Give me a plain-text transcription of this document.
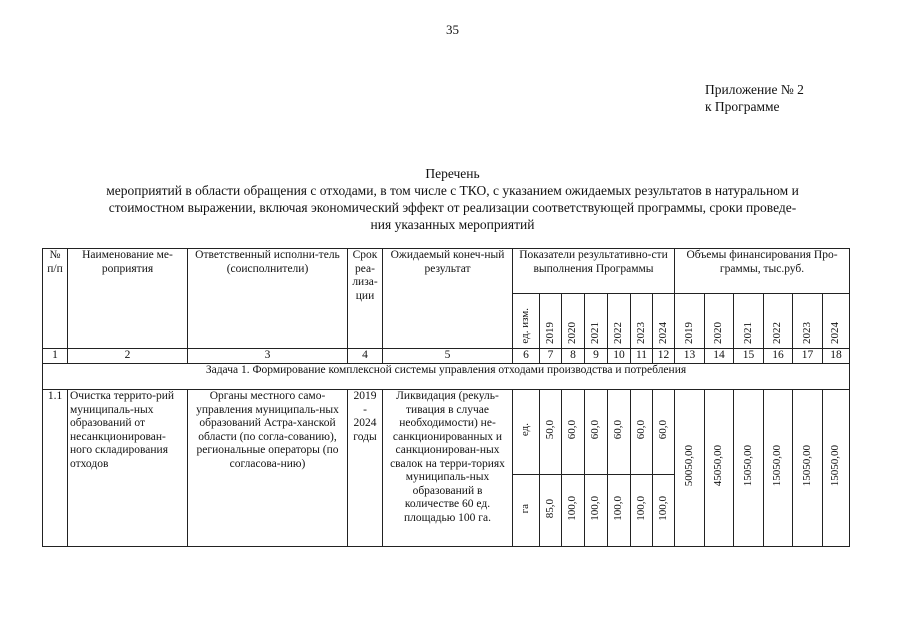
35
Приложение № 2
к Программе
Перечень
мероприятий в области обращения с отходами, в том числе с ТКО, с указанием ожидаемых результатов в натуральном и
стоимостном выражении, включая экономический эффект от реализации соответствующей программы, сроки проведе-
ния указанных мероприятий
№ п/п	Наименование ме-роприятия	Ответственный исполни-тель (соисполнители)	Срок реа-лиза-ции	Ожидаемый конеч-ный результат	Показатели результативно-сти выполнения Программы							Объемы финансирования Про-граммы, тыс.руб.					
					ед. изм.	2019	2020	2021	2022	2023	2024	2019	2020	2021	2022	2023	2024
1	2	3	4	5	6	7	8	9	10	11	12	13	14	15	16	17	18
Задача 1. Формирование комплексной системы управления отходами производства и потребления																	
1.1	Очистка террито-рий муниципаль-ных образований от несанкционирован-ного складирования отходов	Органы местного само-управления муниципаль-ных образований Астра-ханской области (по согла-сованию), региональные операторы (по согласова-нию)	2019
-
2024
годы	Ликвидация (рекуль-тивация в случае необходимости) не-санкционированных и санкционирован-ных свалок на терри-ториях муниципаль-ных образований в количестве 60 ед. площадью 100 га.	ед.	50,0	60,0	60,0	60,0	60,0	60,0	50050,00	45050,00	15050,00	15050,00	15050,00	15050,00
					га	85,0	100,0	100,0	100,0	100,0	100,0						
